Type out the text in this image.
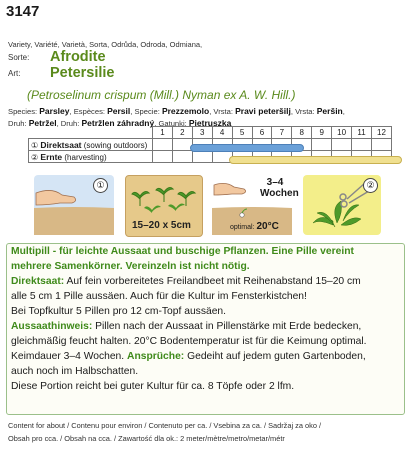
3147
Variety, Variété, Varietà, Sorta, Odrůda, Odroda, Odmiana,
Sorte: Afrodite
Art: Petersilie
(Petroselinum crispum (Mill.) Nyman ex A. W. Hill.)
Species: Parsley, Espèces: Persil, Specie: Prezzemolo, Vrsta: Pravi peteršilj, Vrsta: Peršin,
Druh: Petržel, Druh: Petržlen záhradný, Gatunki: Pietruszka
	1	2	3	4	5	6	7	8	9	10	11	12
① Direktsaat (sowing outdoors)												
② Ernte (harvesting)												
①
15–20 x 5cm
3–4
Wochen
optimal: 20°C
②
Multipill - für leichte Aussaat und buschige Pflanzen. Eine Pille vereint
mehrere Samenkörner. Vereinzeln ist nicht nötig.
Direktsaat: Auf fein vorbereitetes Freilandbeet mit Reihenabstand 15–20 cm
alle 5 cm 1 Pille aussäen. Auch für die Kultur im Fensterkistchen!
Bei Topfkultur 5 Pillen pro 12 cm-Topf aussäen.
Aussaathinweis: Pillen nach der Aussaat in Pillenstärke mit Erde bedecken,
gleichmäßig feucht halten. 20°C Bodentemperatur ist für die Keimung optimal.
Keimdauer 3–4 Wochen. Ansprüche: Gedeiht auf jedem guten Gartenboden,
auch noch im Halbschatten.
Diese Portion reicht bei guter Kultur für ca. 8 Töpfe oder 2 lfm.
Content for about / Contenu pour environ / Contenuto per ca. / Vsebina za ca. / Sadržaj za oko /
Obsah pro cca. / Obsah na cca. / Zawartość dla ok.: 2 meter/mètre/metro/metar/métr
